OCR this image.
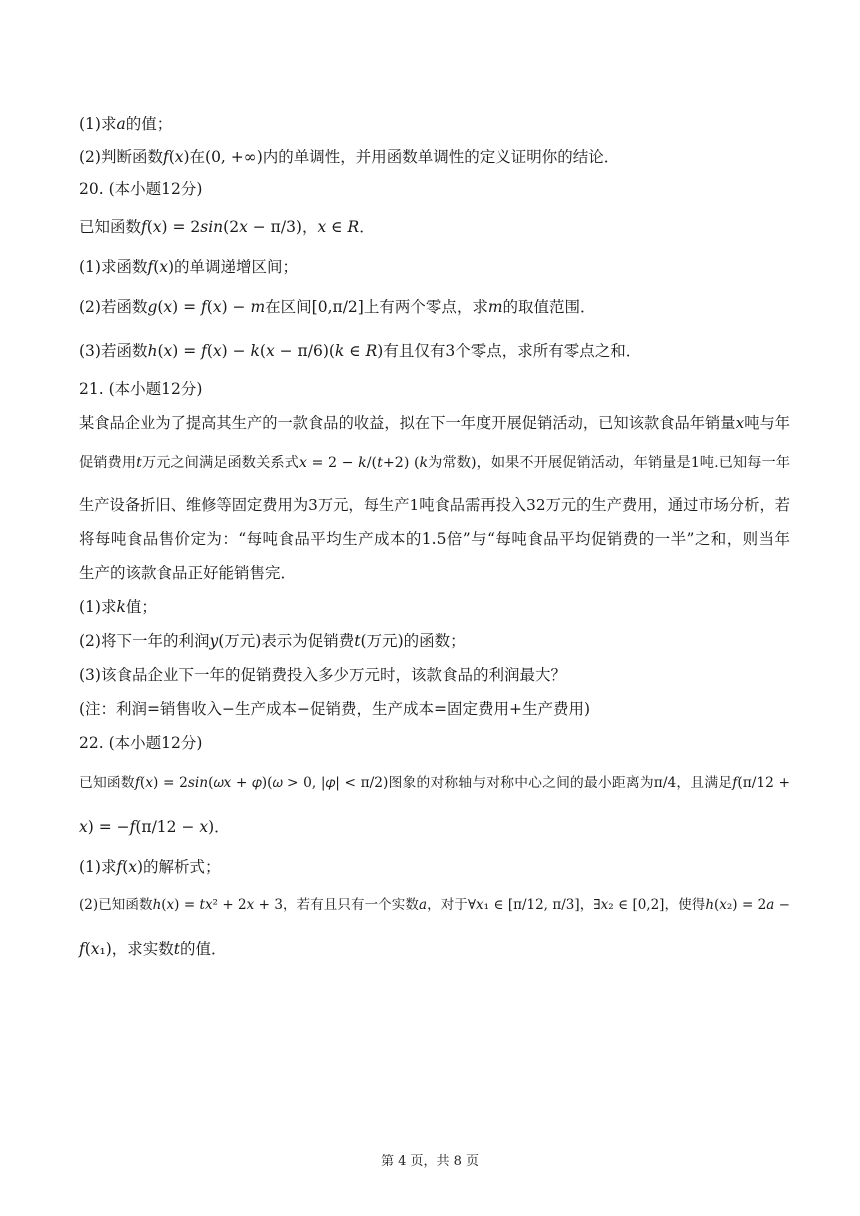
(1)求𝑎的值；
(2)判断函数𝑓(𝑥)在(0, +∞)内的单调性，并用函数单调性的定义证明你的结论．
20. (本小题12分)
已知函数𝑓(𝑥) = 2𝑠𝑖𝑛(2𝑥 − π/3)，𝑥 ∈ 𝑅．
(1)求函数𝑓(𝑥)的单调递增区间；
(2)若函数𝑔(𝑥) = 𝑓(𝑥) − 𝑚在区间[0,π/2]上有两个零点，求𝑚的取值范围．
(3)若函数ℎ(𝑥) = 𝑓(𝑥) − 𝑘(𝑥 − π/6)(𝑘 ∈ 𝑅)有且仅有3个零点，求所有零点之和．
21. (本小题12分)
某食品企业为了提高其生产的一款食品的收益，拟在下一年度开展促销活动，已知该款食品年销量𝑥吨与年
促销费用𝑡万元之间满足函数关系式𝑥 = 2 − 𝑘/(𝑡+2) (𝑘为常数)，如果不开展促销活动，年销量是1吨.已知每一年
生产设备折旧、维修等固定费用为3万元，每生产1吨食品需再投入32万元的生产费用，通过市场分析，若
将每吨食品售价定为：“每吨食品平均生产成本的1.5倍”与“每吨食品平均促销费的一半”之和，则当年
生产的该款食品正好能销售完．
(1)求𝑘值；
(2)将下一年的利润𝑦(万元)表示为促销费𝑡(万元)的函数；
(3)该食品企业下一年的促销费投入多少万元时，该款食品的利润最大？
(注：利润=销售收入−生产成本−促销费，生产成本=固定费用+生产费用)
22. (本小题12分)
已知函数𝑓(𝑥) = 2𝑠𝑖𝑛(𝜔𝑥 + 𝜑)(𝜔 > 0, |𝜑| < π/2)图象的对称轴与对称中心之间的最小距离为π/4，且满足𝑓(π/12 +
𝑥) = −𝑓(π/12 − 𝑥)．
(1)求𝑓(𝑥)的解析式；
(2)已知函数ℎ(𝑥) = 𝑡𝑥² + 2𝑥 + 3，若有且只有一个实数𝑎，对于∀𝑥₁ ∈ [π/12, π/3]，∃𝑥₂ ∈ [0,2]，使得ℎ(𝑥₂) = 2𝑎 −
𝑓(𝑥₁)，求实数𝑡的值．
第 4 页，共 8 页
